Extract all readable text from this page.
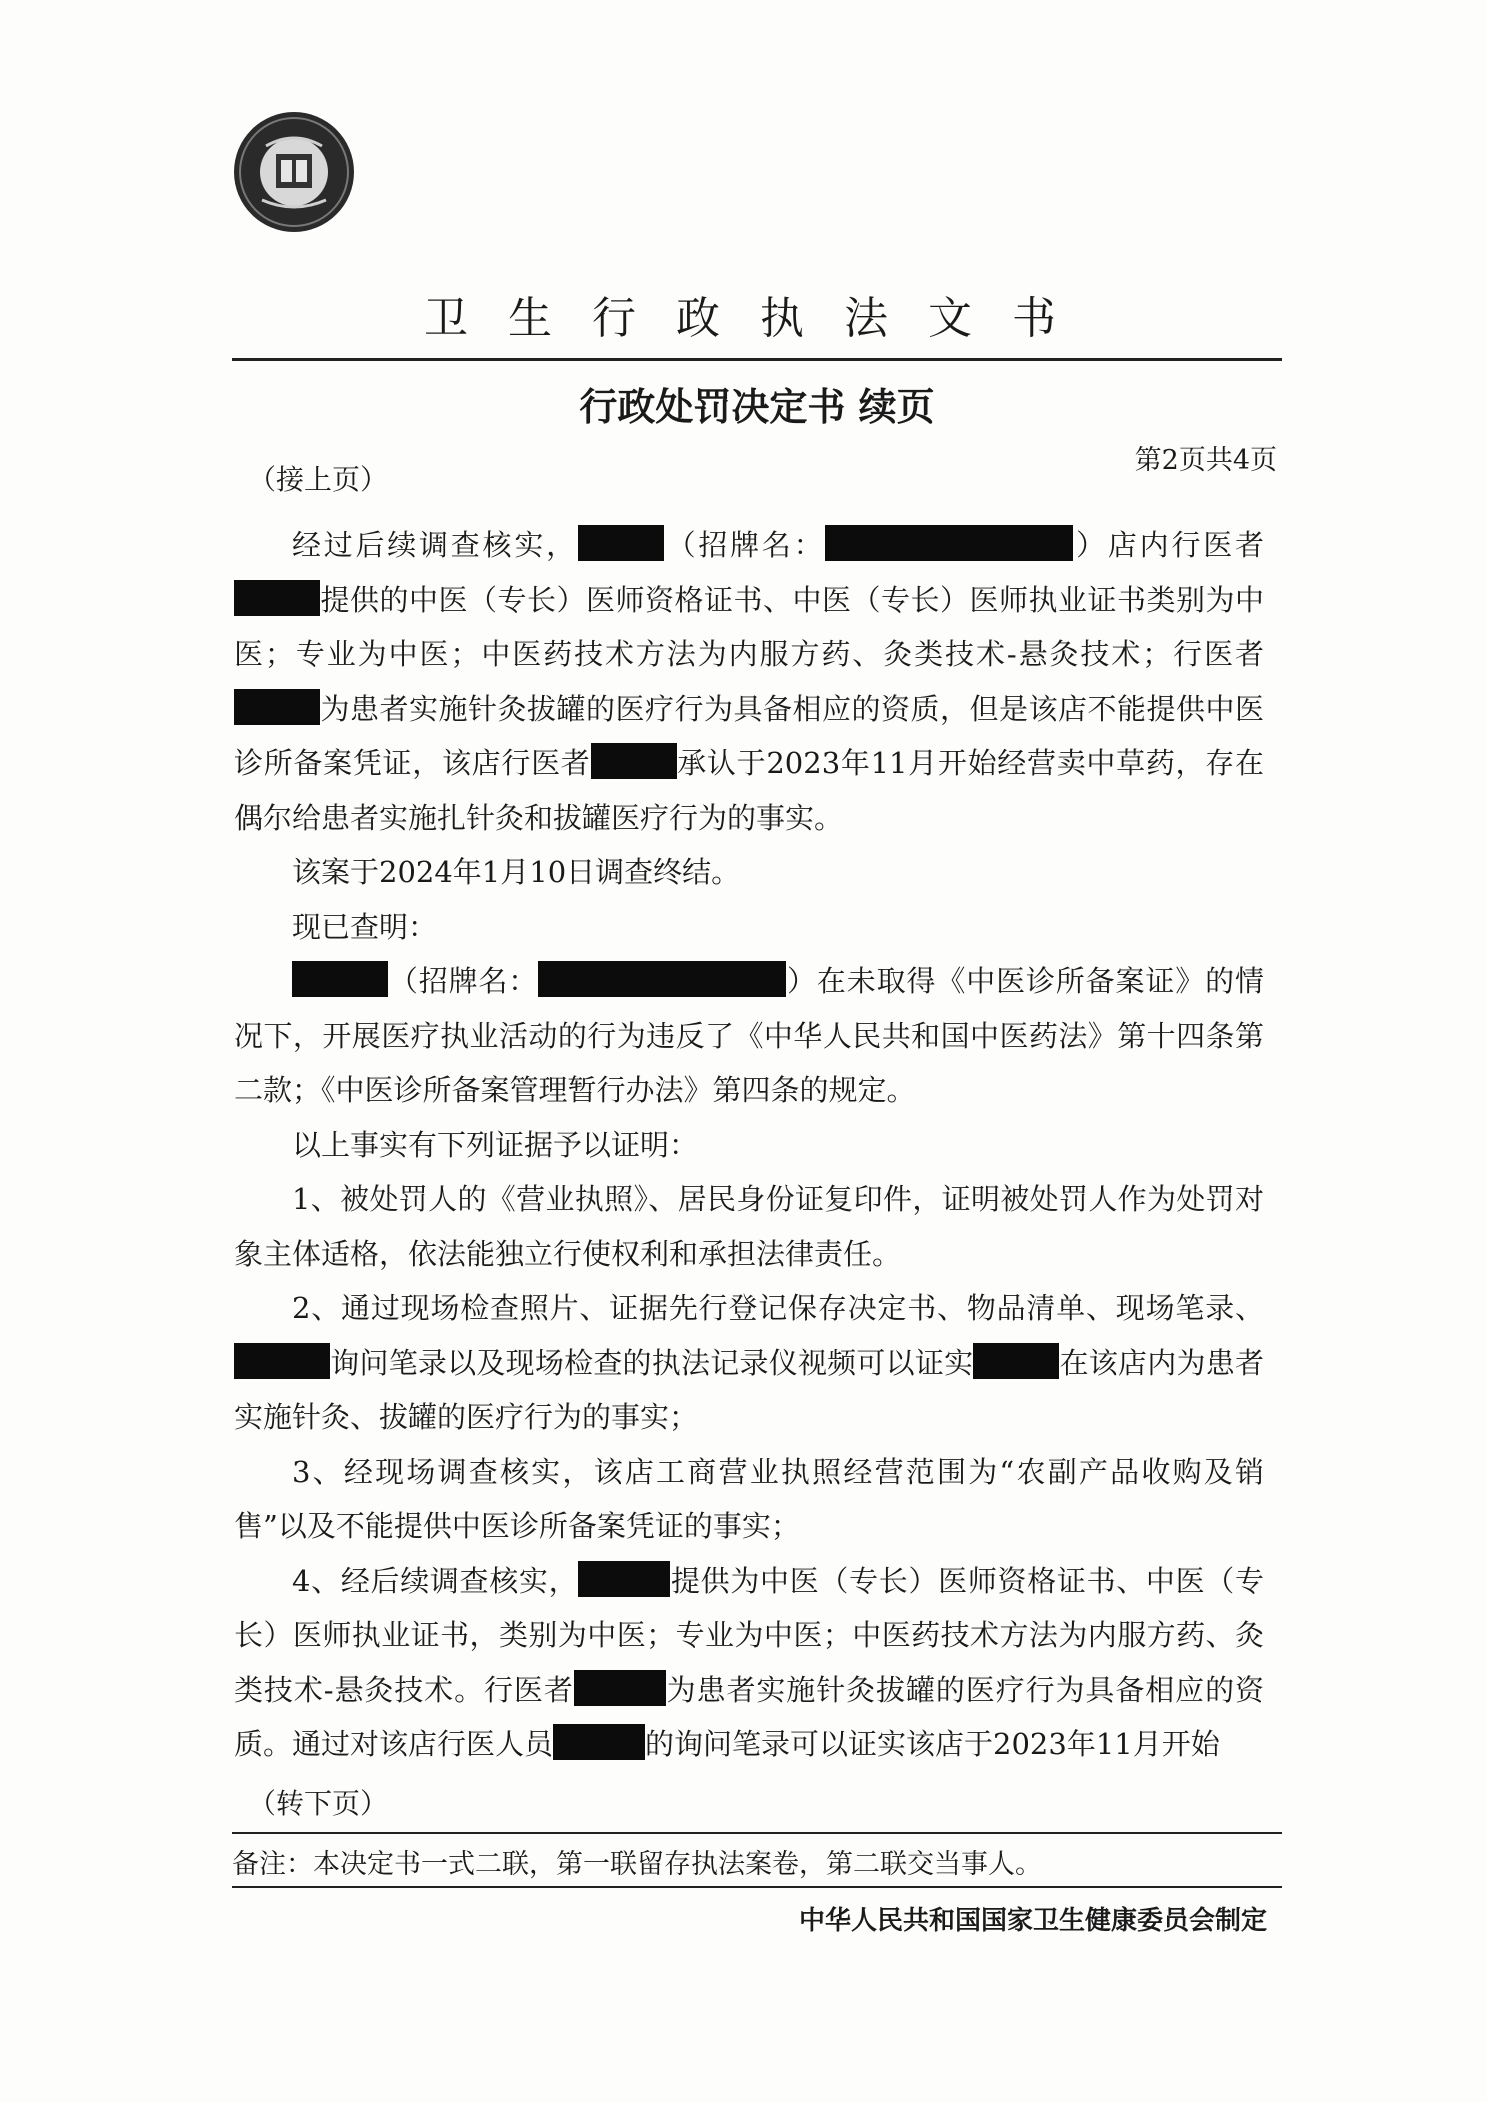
卫生行政执法文书
行政处罚决定书 续页
第2页共4页
（接上页）

经过后续调查核实，	（招牌名：	）店内行医者提供的中医（专长）医师资格证书、中医（专长）医师执业证书类别为中医；专业为中医；中医药技术方法为内服方药、灸类技术-悬灸技术；行医者为患者实施针灸拔罐的医疗行为具备相应的资质，但是该店不能提供中医诊所备案凭证，该店行医者	承认于2023年11月开始经营卖中草药，存在偶尔给患者实施扎针灸和拔罐医疗行为的事实。

该案于2024年1月10日调查终结。

现已查明：

（招牌名：	）在未取得《中医诊所备案证》的情况下，开展医疗执业活动的行为违反了《中华人民共和国中医药法》第十四条第二款；《中医诊所备案管理暂行办法》第四条的规定。

以上事实有下列证据予以证明：

1、被处罚人的《营业执照》、居民身份证复印件，证明被处罚人作为处罚对象主体适格，依法能独立行使权利和承担法律责任。

2、通过现场检查照片、证据先行登记保存决定书、物品清单、现场笔录、询问笔录以及现场检查的执法记录仪视频可以证实	在该店内为患者实施针灸、拔罐的医疗行为的事实；

3、经现场调查核实，该店工商营业执照经营范围为“农副产品收购及销售”以及不能提供中医诊所备案凭证的事实；

4、经后续调查核实，	提供为中医（专长）医师资格证书、中医（专长）医师执业证书，类别为中医；专业为中医；中医药技术方法为内服方药、灸类技术-悬灸技术。行医者	为患者实施针灸拔罐的医疗行为具备相应的资质。通过对该店行医人员	的询问笔录可以证实该店于2023年11月开始

（转下页）
备注：本决定书一式二联，第一联留存执法案卷，第二联交当事人。
中华人民共和国国家卫生健康委员会制定
